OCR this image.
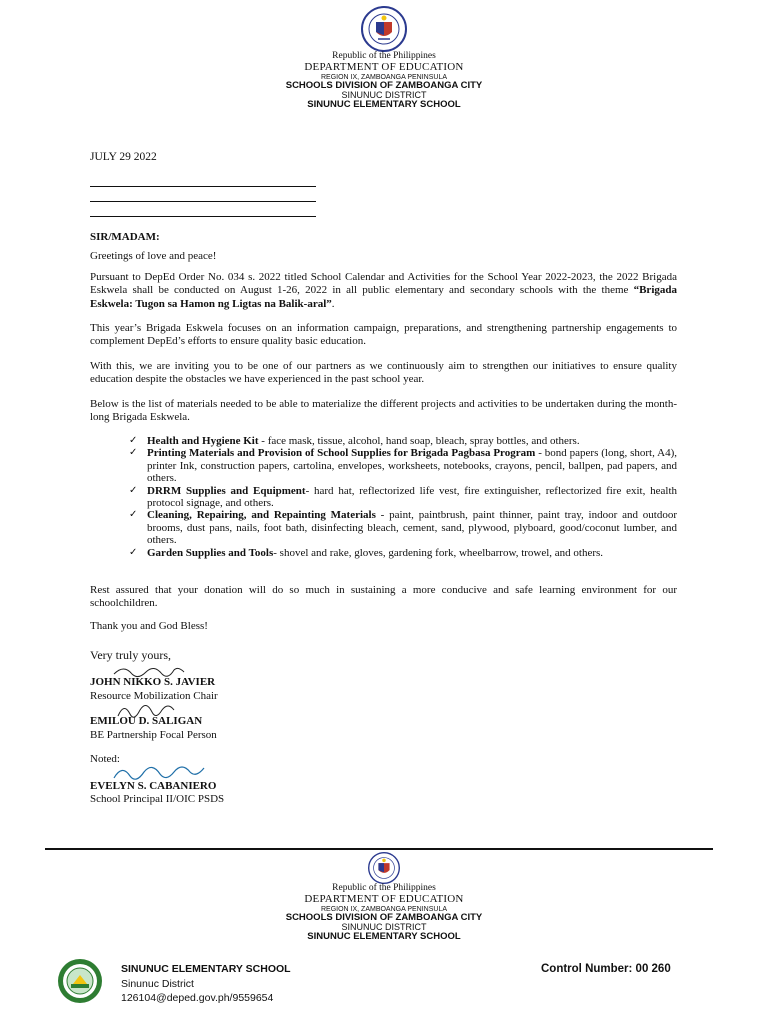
Republic of the Philippines
DEPARTMENT OF EDUCATION
REGION IX, ZAMBOANGA PENINSULA
SCHOOLS DIVISION OF ZAMBOANGA CITY
SINUNUC DISTRICT
SINUNUC ELEMENTARY SCHOOL
JULY 29 2022
SIR/MADAM:
Greetings of love and peace!

Pursuant to DepEd Order No. 034 s. 2022 titled School Calendar and Activities for the School Year 2022-2023, the 2022 Brigada Eskwela shall be conducted on August 1-26, 2022 in all public elementary and secondary schools with the theme “Brigada Eskwela: Tugon sa Hamon ng Ligtas na Balik-aral”.

This year’s Brigada Eskwela focuses on an information campaign, preparations, and strengthening partnership engagements to complement DepEd’s efforts to ensure quality basic education.
With this, we are inviting you to be one of our partners as we continuously aim to strengthen our initiatives to ensure quality education despite the obstacles we have experienced in the past school year.
Below is the list of materials needed to be able to materialize the different projects and activities to be undertaken during the month-long Brigada Eskwela.
✓ Health and Hygiene Kit - face mask, tissue, alcohol, hand soap, bleach, spray bottles, and others.
✓ Printing Materials and Provision of School Supplies for Brigada Pagbasa Program - bond papers (long, short, A4), printer Ink, construction papers, cartolina, envelopes, worksheets, notebooks, crayons, pencil, ballpen, pad papers, and others.
✓ DRRM Supplies and Equipment- hard hat, reflectorized life vest, fire extinguisher, reflectorized fire exit, health protocol signage, and others.
✓ Cleaning, Repairing, and Repainting Materials - paint, paintbrush, paint thinner, paint tray, indoor and outdoor brooms, dust pans, nails, foot bath, disinfecting bleach, cement, sand, plywood, plyboard, good/coconut lumber, and others.
✓ Garden Supplies and Tools- shovel and rake, gloves, gardening fork, wheelbarrow, trowel, and others.
Rest assured that your donation will do so much in sustaining a more conducive and safe learning environment for our schoolchildren.
Thank you and God Bless!
Very truly yours,
JOHN NIKKO S. JAVIER
Resource Mobilization Chair
EMILOU D. SALIGAN
BE Partnership Focal Person
Noted:
EVELYN S. CABANIERO
School Principal II/OIC PSDS
Republic of the Philippines
DEPARTMENT OF EDUCATION
REGION IX, ZAMBOANGA PENINSULA
SCHOOLS DIVISION OF ZAMBOANGA CITY
SINUNUC DISTRICT
SINUNUC ELEMENTARY SCHOOL
SINUNUC ELEMENTARY SCHOOL
Sinunuc District
126104@deped.gov.ph/9559654
Control Number: 00 260
